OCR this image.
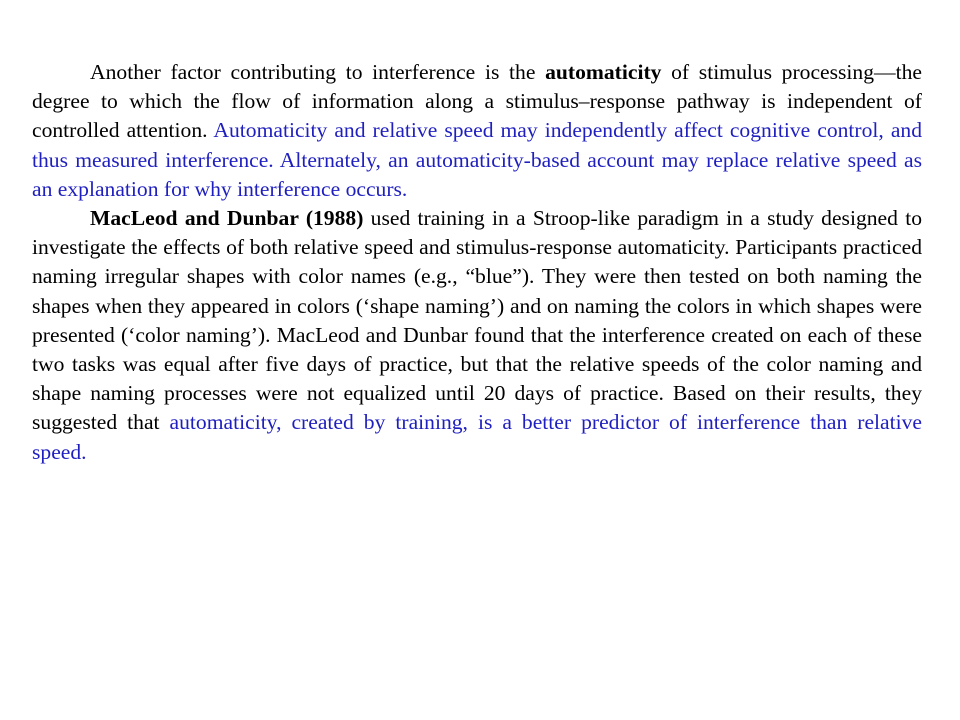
Another factor contributing to interference is the automaticity of stimulus processing—the degree to which the flow of information along a stimulus–response pathway is independent of controlled attention. Automaticity and relative speed may independently affect cognitive control, and thus measured interference. Alternately, an automaticity-based account may replace relative speed as an explanation for why interference occurs.

MacLeod and Dunbar (1988) used training in a Stroop-like paradigm in a study designed to investigate the effects of both relative speed and stimulus-response automaticity. Participants practiced naming irregular shapes with color names (e.g., “blue”). They were then tested on both naming the shapes when they appeared in colors (‘shape naming’) and on naming the colors in which shapes were presented (‘color naming’). MacLeod and Dunbar found that the interference created on each of these two tasks was equal after five days of practice, but that the relative speeds of the color naming and shape naming processes were not equalized until 20 days of practice. Based on their results, they suggested that automaticity, created by training, is a better predictor of interference than relative speed.
